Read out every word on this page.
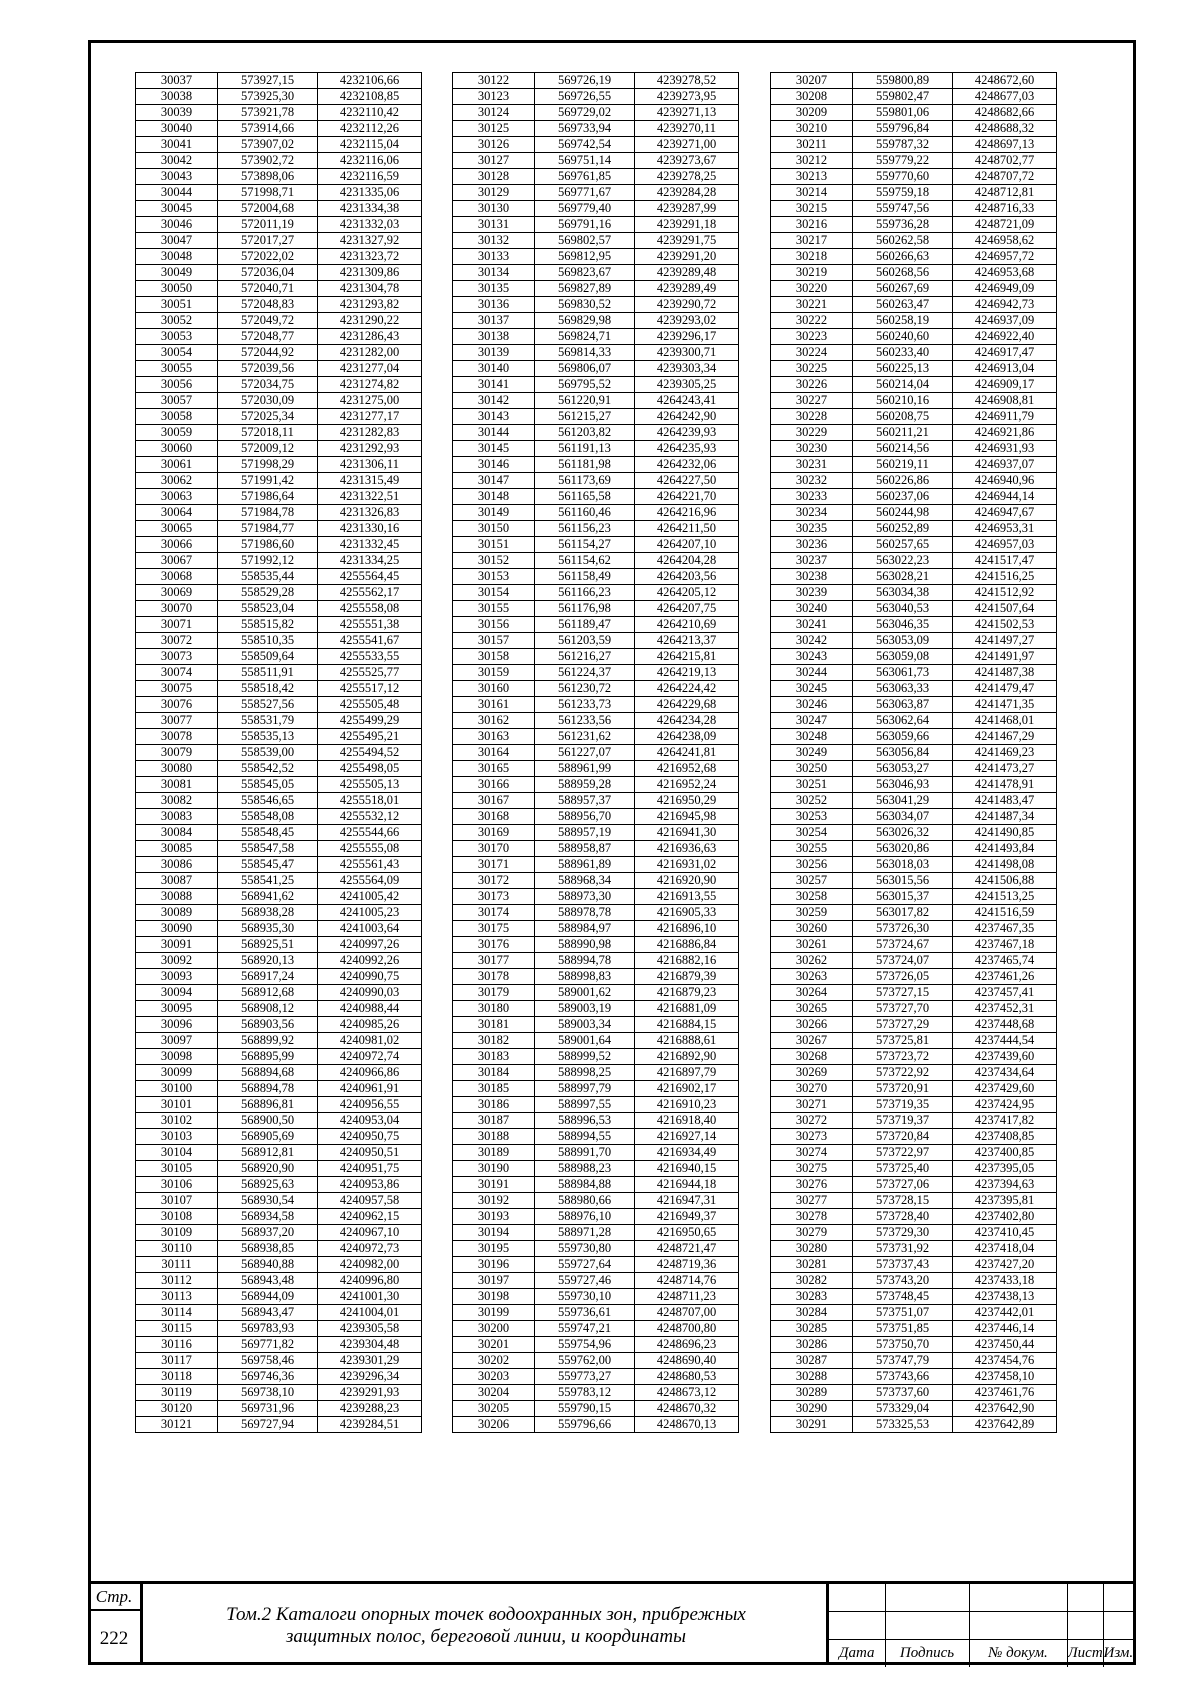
30037	573927,15	4232106,66
30038	573925,30	4232108,85
30039	573921,78	4232110,42
30040	573914,66	4232112,26
30041	573907,02	4232115,04
30042	573902,72	4232116,06
30043	573898,06	4232116,59
30044	571998,71	4231335,06
30045	572004,68	4231334,38
30046	572011,19	4231332,03
30047	572017,27	4231327,92
30048	572022,02	4231323,72
30049	572036,04	4231309,86
30050	572040,71	4231304,78
30051	572048,83	4231293,82
30052	572049,72	4231290,22
30053	572048,77	4231286,43
30054	572044,92	4231282,00
30055	572039,56	4231277,04
30056	572034,75	4231274,82
30057	572030,09	4231275,00
30058	572025,34	4231277,17
30059	572018,11	4231282,83
30060	572009,12	4231292,93
30061	571998,29	4231306,11
30062	571991,42	4231315,49
30063	571986,64	4231322,51
30064	571984,78	4231326,83
30065	571984,77	4231330,16
30066	571986,60	4231332,45
30067	571992,12	4231334,25
30068	558535,44	4255564,45
30069	558529,28	4255562,17
30070	558523,04	4255558,08
30071	558515,82	4255551,38
30072	558510,35	4255541,67
30073	558509,64	4255533,55
30074	558511,91	4255525,77
30075	558518,42	4255517,12
30076	558527,56	4255505,48
30077	558531,79	4255499,29
30078	558535,13	4255495,21
30079	558539,00	4255494,52
30080	558542,52	4255498,05
30081	558545,05	4255505,13
30082	558546,65	4255518,01
30083	558548,08	4255532,12
30084	558548,45	4255544,66
30085	558547,58	4255555,08
30086	558545,47	4255561,43
30087	558541,25	4255564,09
30088	568941,62	4241005,42
30089	568938,28	4241005,23
30090	568935,30	4241003,64
30091	568925,51	4240997,26
30092	568920,13	4240992,26
30093	568917,24	4240990,75
30094	568912,68	4240990,03
30095	568908,12	4240988,44
30096	568903,56	4240985,26
30097	568899,92	4240981,02
30098	568895,99	4240972,74
30099	568894,68	4240966,86
30100	568894,78	4240961,91
30101	568896,81	4240956,55
30102	568900,50	4240953,04
30103	568905,69	4240950,75
30104	568912,81	4240950,51
30105	568920,90	4240951,75
30106	568925,63	4240953,86
30107	568930,54	4240957,58
30108	568934,58	4240962,15
30109	568937,20	4240967,10
30110	568938,85	4240972,73
30111	568940,88	4240982,00
30112	568943,48	4240996,80
30113	568944,09	4241001,30
30114	568943,47	4241004,01
30115	569783,93	4239305,58
30116	569771,82	4239304,48
30117	569758,46	4239301,29
30118	569746,36	4239296,34
30119	569738,10	4239291,93
30120	569731,96	4239288,23
30121	569727,94	4239284,51
30122	569726,19	4239278,52
30123	569726,55	4239273,95
30124	569729,02	4239271,13
30125	569733,94	4239270,11
30126	569742,54	4239271,00
30127	569751,14	4239273,67
30128	569761,85	4239278,25
30129	569771,67	4239284,28
30130	569779,40	4239287,99
30131	569791,16	4239291,18
30132	569802,57	4239291,75
30133	569812,95	4239291,20
30134	569823,67	4239289,48
30135	569827,89	4239289,49
30136	569830,52	4239290,72
30137	569829,98	4239293,02
30138	569824,71	4239296,17
30139	569814,33	4239300,71
30140	569806,07	4239303,34
30141	569795,52	4239305,25
30142	561220,91	4264243,41
30143	561215,27	4264242,90
30144	561203,82	4264239,93
30145	561191,13	4264235,93
30146	561181,98	4264232,06
30147	561173,69	4264227,50
30148	561165,58	4264221,70
30149	561160,46	4264216,96
30150	561156,23	4264211,50
30151	561154,27	4264207,10
30152	561154,62	4264204,28
30153	561158,49	4264203,56
30154	561166,23	4264205,12
30155	561176,98	4264207,75
30156	561189,47	4264210,69
30157	561203,59	4264213,37
30158	561216,27	4264215,81
30159	561224,37	4264219,13
30160	561230,72	4264224,42
30161	561233,73	4264229,68
30162	561233,56	4264234,28
30163	561231,62	4264238,09
30164	561227,07	4264241,81
30165	588961,99	4216952,68
30166	588959,28	4216952,24
30167	588957,37	4216950,29
30168	588956,70	4216945,98
30169	588957,19	4216941,30
30170	588958,87	4216936,63
30171	588961,89	4216931,02
30172	588968,34	4216920,90
30173	588973,30	4216913,55
30174	588978,78	4216905,33
30175	588984,97	4216896,10
30176	588990,98	4216886,84
30177	588994,78	4216882,16
30178	588998,83	4216879,39
30179	589001,62	4216879,23
30180	589003,19	4216881,09
30181	589003,34	4216884,15
30182	589001,64	4216888,61
30183	588999,52	4216892,90
30184	588998,25	4216897,79
30185	588997,79	4216902,17
30186	588997,55	4216910,23
30187	588996,53	4216918,40
30188	588994,55	4216927,14
30189	588991,70	4216934,49
30190	588988,23	4216940,15
30191	588984,88	4216944,18
30192	588980,66	4216947,31
30193	588976,10	4216949,37
30194	588971,28	4216950,65
30195	559730,80	4248721,47
30196	559727,64	4248719,36
30197	559727,46	4248714,76
30198	559730,10	4248711,23
30199	559736,61	4248707,00
30200	559747,21	4248700,80
30201	559754,96	4248696,23
30202	559762,00	4248690,40
30203	559773,27	4248680,53
30204	559783,12	4248673,12
30205	559790,15	4248670,32
30206	559796,66	4248670,13
30207	559800,89	4248672,60
30208	559802,47	4248677,03
30209	559801,06	4248682,66
30210	559796,84	4248688,32
30211	559787,32	4248697,13
30212	559779,22	4248702,77
30213	559770,60	4248707,72
30214	559759,18	4248712,81
30215	559747,56	4248716,33
30216	559736,28	4248721,09
30217	560262,58	4246958,62
30218	560266,63	4246957,72
30219	560268,56	4246953,68
30220	560267,69	4246949,09
30221	560263,47	4246942,73
30222	560258,19	4246937,09
30223	560240,60	4246922,40
30224	560233,40	4246917,47
30225	560225,13	4246913,04
30226	560214,04	4246909,17
30227	560210,16	4246908,81
30228	560208,75	4246911,79
30229	560211,21	4246921,86
30230	560214,56	4246931,93
30231	560219,11	4246937,07
30232	560226,86	4246940,96
30233	560237,06	4246944,14
30234	560244,98	4246947,67
30235	560252,89	4246953,31
30236	560257,65	4246957,03
30237	563022,23	4241517,47
30238	563028,21	4241516,25
30239	563034,38	4241512,92
30240	563040,53	4241507,64
30241	563046,35	4241502,53
30242	563053,09	4241497,27
30243	563059,08	4241491,97
30244	563061,73	4241487,38
30245	563063,33	4241479,47
30246	563063,87	4241471,35
30247	563062,64	4241468,01
30248	563059,66	4241467,29
30249	563056,84	4241469,23
30250	563053,27	4241473,27
30251	563046,93	4241478,91
30252	563041,29	4241483,47
30253	563034,07	4241487,34
30254	563026,32	4241490,85
30255	563020,86	4241493,84
30256	563018,03	4241498,08
30257	563015,56	4241506,88
30258	563015,37	4241513,25
30259	563017,82	4241516,59
30260	573726,30	4237467,35
30261	573724,67	4237467,18
30262	573724,07	4237465,74
30263	573726,05	4237461,26
30264	573727,15	4237457,41
30265	573727,70	4237452,31
30266	573727,29	4237448,68
30267	573725,81	4237444,54
30268	573723,72	4237439,60
30269	573722,92	4237434,64
30270	573720,91	4237429,60
30271	573719,35	4237424,95
30272	573719,37	4237417,82
30273	573720,84	4237408,85
30274	573722,97	4237400,85
30275	573725,40	4237395,05
30276	573727,06	4237394,63
30277	573728,15	4237395,81
30278	573728,40	4237402,80
30279	573729,30	4237410,45
30280	573731,92	4237418,04
30281	573737,43	4237427,20
30282	573743,20	4237433,18
30283	573748,45	4237438,13
30284	573751,07	4237442,01
30285	573751,85	4237446,14
30286	573750,70	4237450,44
30287	573747,79	4237454,76
30288	573743,66	4237458,10
30289	573737,60	4237461,76
30290	573329,04	4237642,90
30291	573325,53	4237642,89
Стр.
222
Том.2 Каталоги опорных точек водоохранных зон, прибрежных
защитных полос, береговой линии, и координаты

Дата	Подпись	№ докум.	Лист	Изм.
